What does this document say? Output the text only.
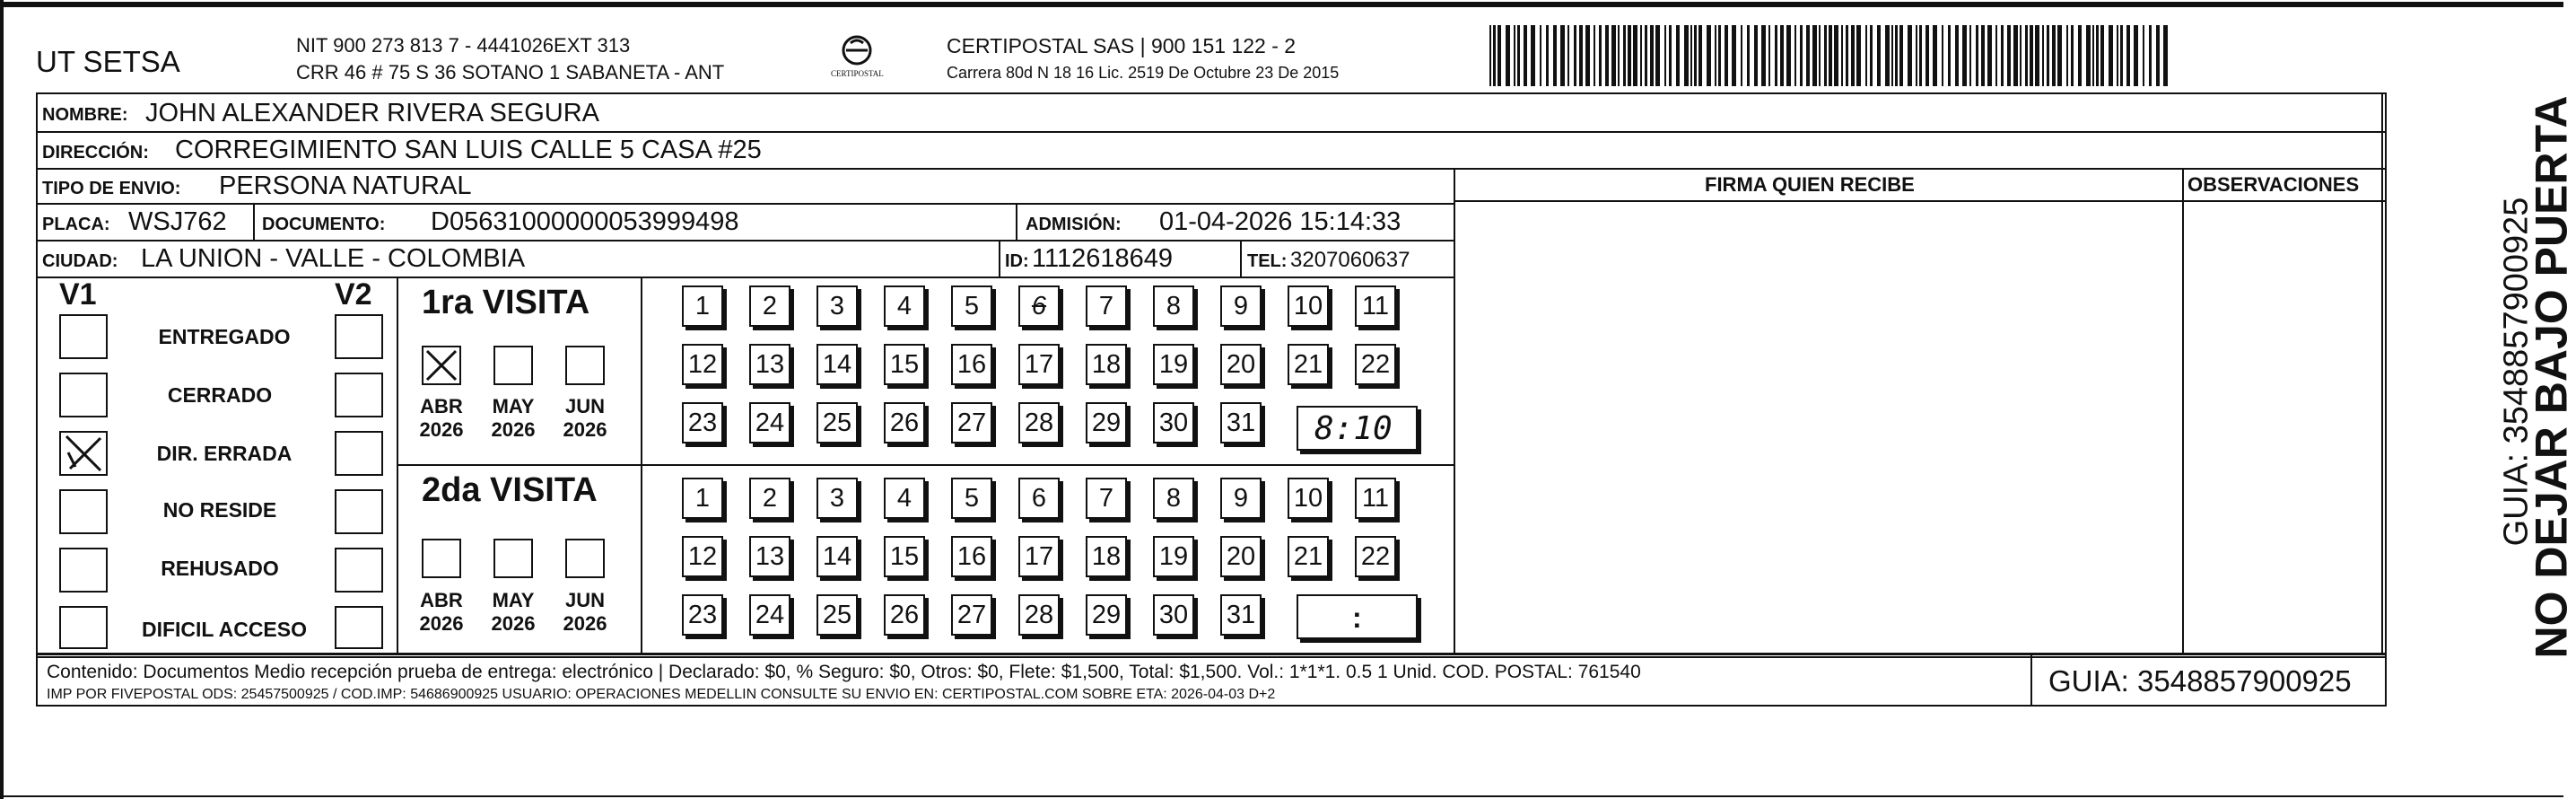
UT SETSA	NIT 900 273 813 7 - 4441026EXT 313
CRR 46 # 75 S 36 SOTANO 1 SABANETA - ANT	CERTIPOSTAL
CERTIPOSTAL SAS | 900 151 122 - 2
Carrera 80d N 18 16 Lic. 2519 De Octubre 23 De 2015
NOMBRE: JOHN ALEXANDER RIVERA SEGURA
DIRECCIÓN: CORREGIMIENTO SAN LUIS CALLE 5 CASA #25
TIPO DE ENVIO: PERSONA NATURAL	FIRMA QUIEN RECIBE	OBSERVACIONES
PLACA: WSJ762 DOCUMENTO: D05631000000053999498	ADMISIÓN: 01-04-2026 15:14:33
CIUDAD: LA UNION - VALLE - COLOMBIA	ID: 1112618649	TEL: 3207060637
V1	V2
ENTREGADO
CERRADO
DIR. ERRADA
NO RESIDE
REHUSADO
DIFICIL ACCESO
1ra VISITA
ABR
2026
MAY
2026
JUN
2026
1	2	3	4	5	6	7	8	9	10 11
12 13 14 15 16 17 18 19 20 21 22
23 24 25 26 27 28 29 30 31 8:10
2da VISITA
ABR
2026
MAY
2026
JUN
2026
1	2	3	4	5	6	7	8	9	10 11
12 13 14 15 16 17 18 19 20 21 22
23 24 25 26 27 28 29 30 31	:	NO DEJAR BAJO PUERTA
GUIA: 3548857900925
Contenido: Documentos Medio recepción prueba de entrega: electrónico | Declarado: $0, % Seguro: $0, Otros: $0, Flete: $1,500, Total: $1,500. Vol.: 1*1*1. 0.5 1 Unid. COD. POSTAL: 761540
IMP POR FIVEPOSTAL ODS: 25457500925 / COD.IMP: 54686900925 USUARIO: OPERACIONES MEDELLIN CONSULTE SU ENVIO EN: CERTIPOSTAL.COM SOBRE ETA: 2026-04-03 D+2	GUIA: 3548857900925
